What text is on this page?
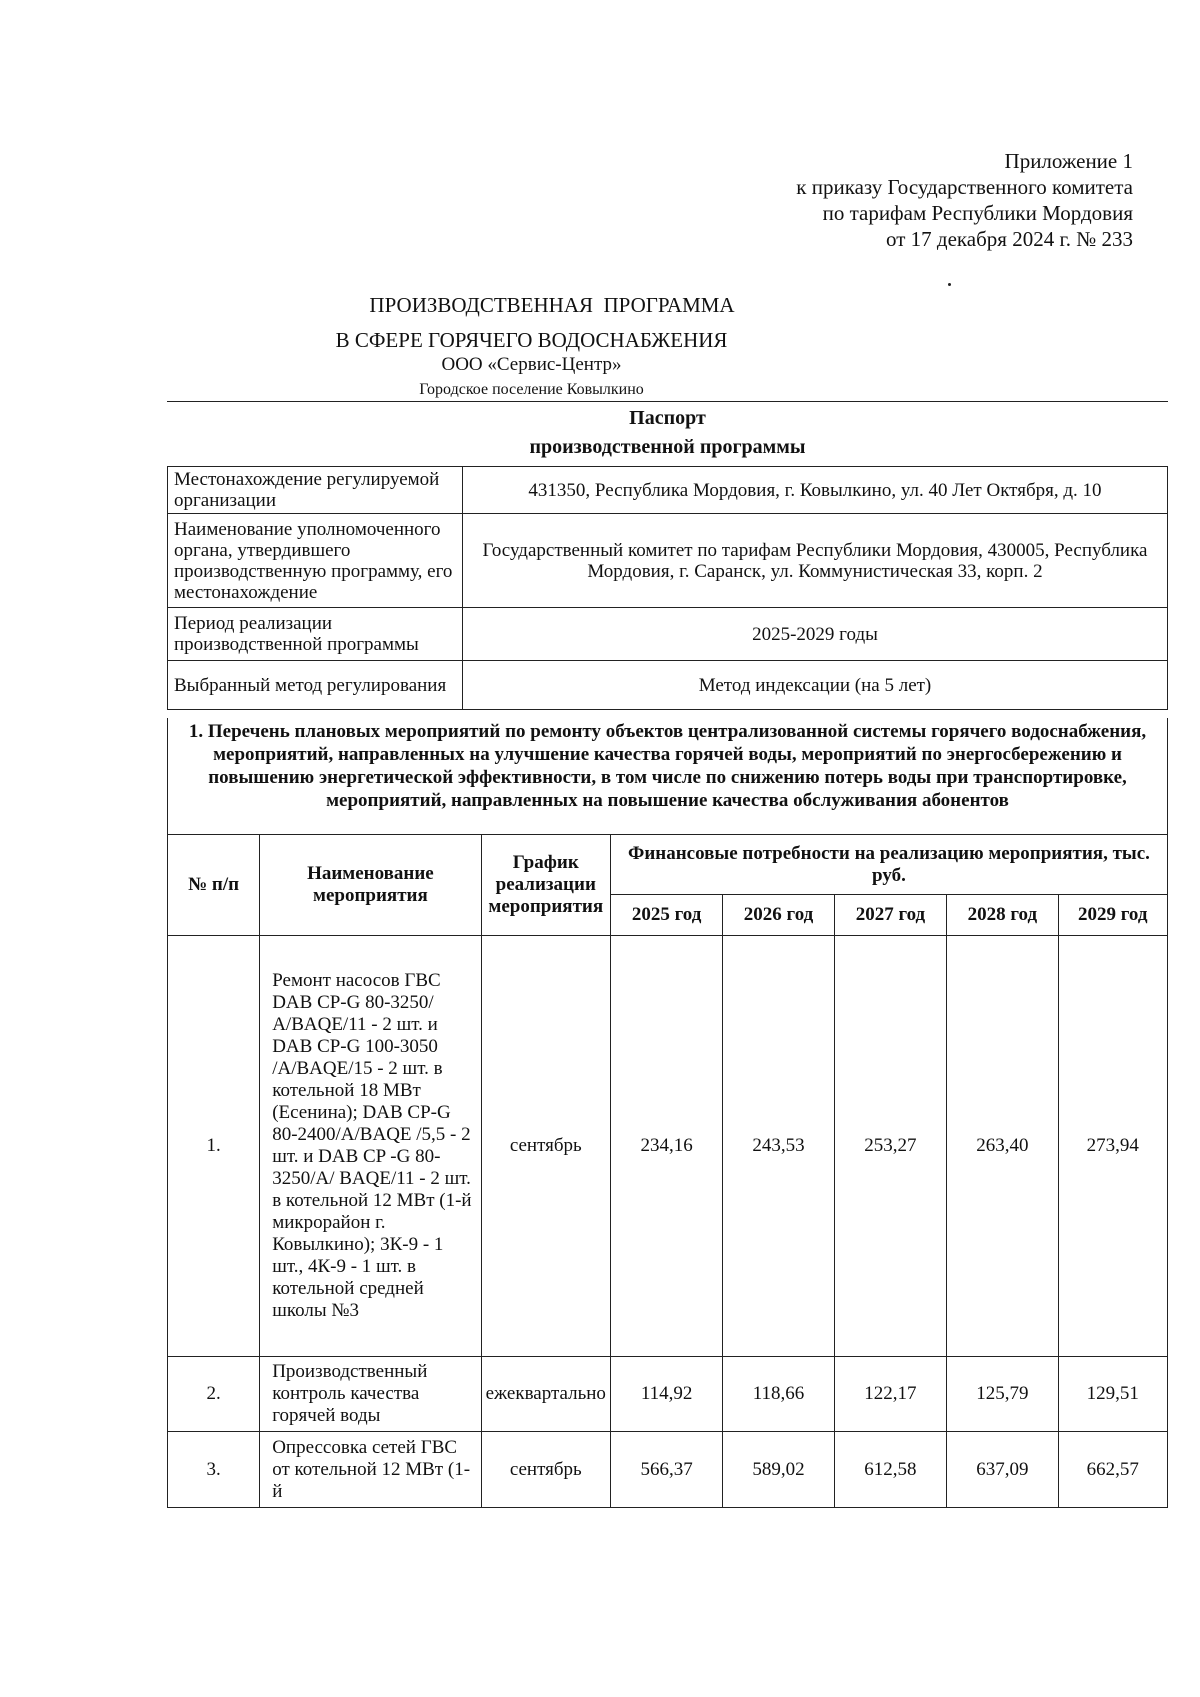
Приложение 1
к приказу Государственного комитета
по тарифам Республики Мордовия
от 17 декабря 2024 г. № 233
ПРОИЗВОДСТВЕННАЯ  ПРОГРАММА
В СФЕРЕ ГОРЯЧЕГО ВОДОСНАБЖЕНИЯ
ООО «Сервис-Центр»
Городское поселение Ковылкино
Паспорт
производственной программы
Местонахождение регулируемой организации	431350, Республика Мордовия, г. Ковылкино, ул. 40 Лет Октября, д. 10
Наименование уполномоченного органа, утвердившего производственную программу, его местонахождение	Государственный комитет по тарифам Республики Мордовия, 430005, Республика Мордовия, г. Саранск, ул. Коммунистическая 33, корп. 2
Период реализации производственной программы	2025-2029 годы
Выбранный метод регулирования	Метод индексации (на 5 лет)
1. Перечень плановых мероприятий по ремонту объектов централизованной системы горячего водоснабжения, мероприятий, направленных на улучшение качества горячей воды, мероприятий по энергосбережению и повышению энергетической эффективности, в том числе по снижению потерь воды при транспортировке, мероприятий, направленных на повышение качества обслуживания абонентов
№ п/п	Наименование мероприятия	График реализации мероприятия	Финансовые потребности на реализацию мероприятия, тыс. руб.				
			2025 год	2026 год	2027 год	2028 год	2029 год
1.	Ремонт насосов ГВС DAB CP-G 80-3250/ A/BAQE/11 - 2 шт. и DAB CP-G 100-3050 /A/BAQE/15 - 2 шт. в котельной 18 МВт (Есенина); DAB CP-G 80-2400/A/BAQE /5,5 - 2 шт. и DAB CP -G 80-3250/A/ BAQE/11 - 2 шт. в котельной 12 МВт (1-й микрорайон г. Ковылкино); 3К-9 - 1 шт., 4К-9 - 1 шт. в котельной средней школы №3	сентябрь	234,16	243,53	253,27	263,40	273,94
2.	Производственный контроль качества горячей воды	ежеквартально	114,92	118,66	122,17	125,79	129,51
3.	Опрессовка сетей ГВС от котельной 12 МВт (1-й	сентябрь	566,37	589,02	612,58	637,09	662,57
